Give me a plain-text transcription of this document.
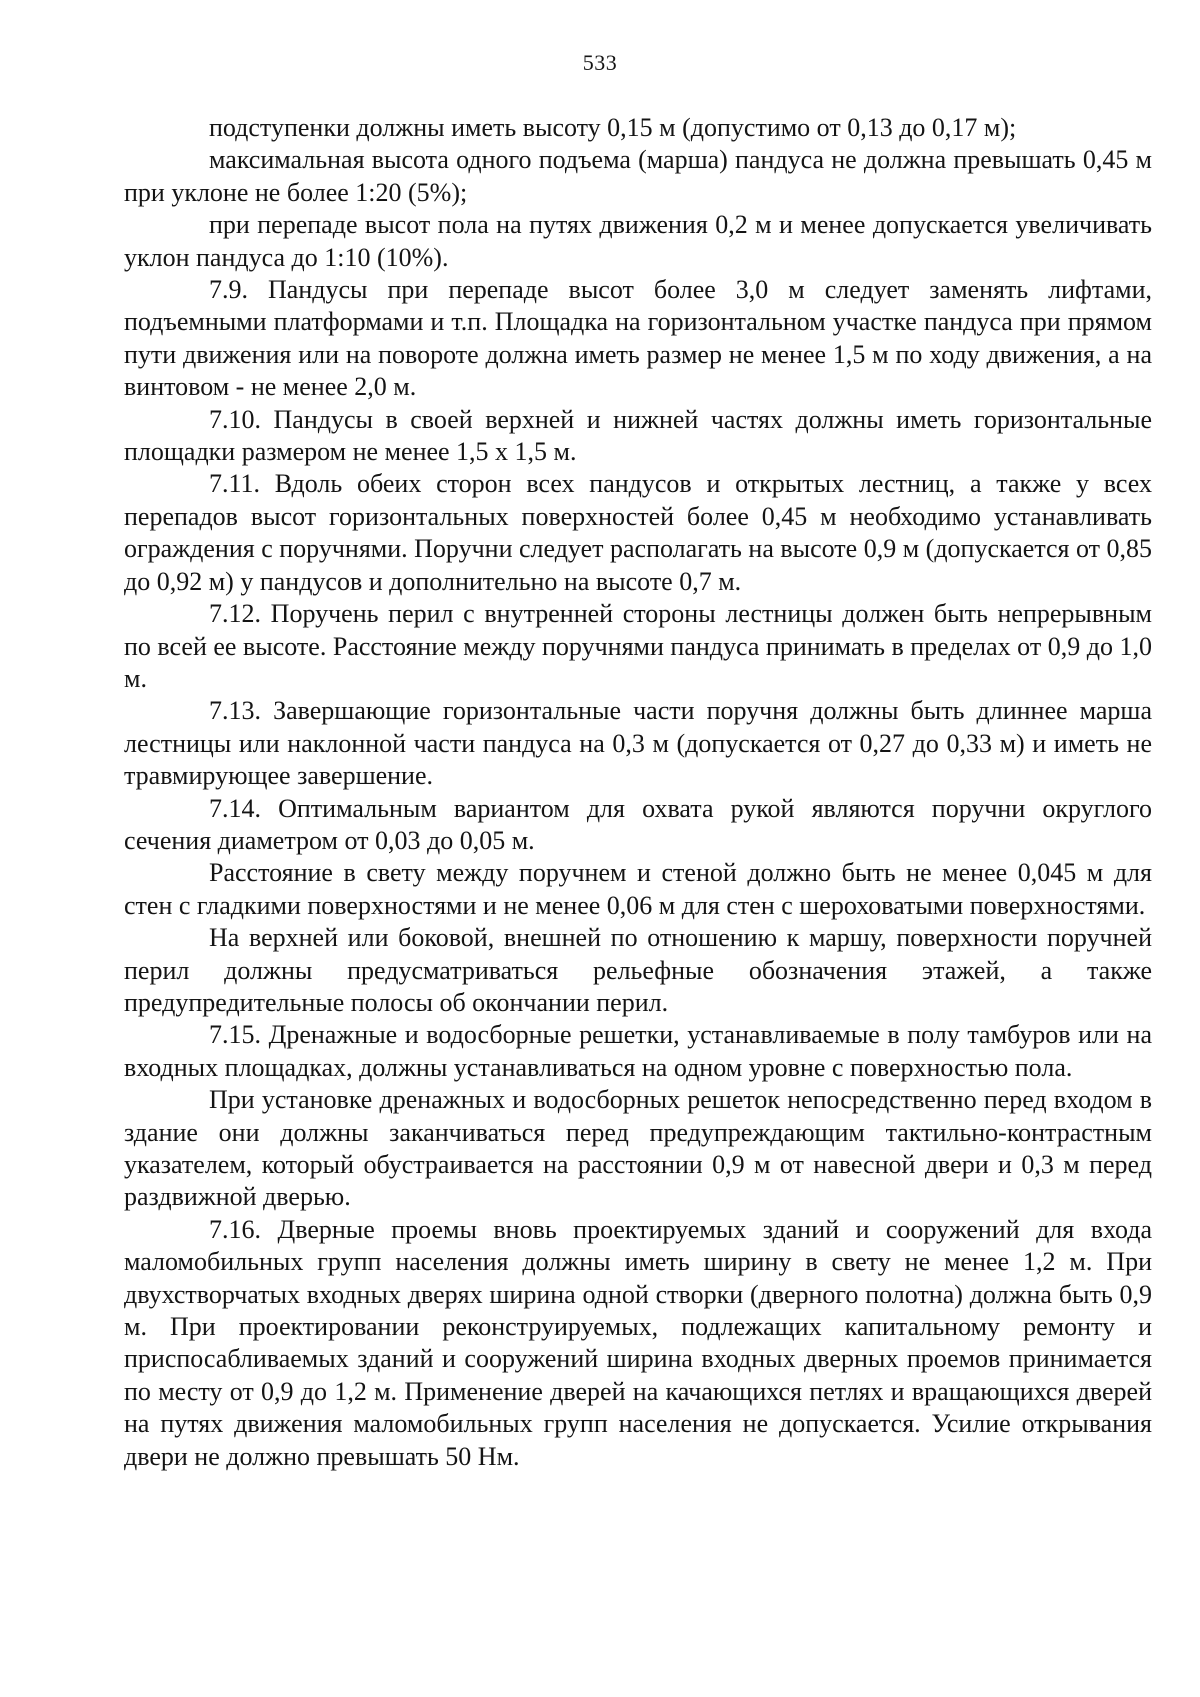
533

подступенки должны иметь высоту 0,15 м (допустимо от 0,13 до 0,17 м);

максимальная высота одного подъема (марша) пандуса не должна превышать 0,45 м при уклоне не более 1:20 (5%);

при перепаде высот пола на путях движения 0,2 м и менее допускается увеличивать уклон пандуса до 1:10 (10%).

7.9. Пандусы при перепаде высот более 3,0 м следует заменять лифтами, подъемными платформами и т.п. Площадка на горизонтальном участке пандуса при прямом пути движения или на повороте должна иметь размер не менее 1,5 м по ходу движения, а на винтовом - не менее 2,0 м.

7.10. Пандусы в своей верхней и нижней частях должны иметь горизонтальные площадки размером не менее 1,5 х 1,5 м.

7.11. Вдоль обеих сторон всех пандусов и открытых лестниц, а также у всех перепадов высот горизонтальных поверхностей более 0,45 м необходимо устанавливать ограждения с поручнями. Поручни следует располагать на высоте 0,9 м (допускается от 0,85 до 0,92 м) у пандусов и дополнительно на высоте 0,7 м.

7.12. Поручень перил с внутренней стороны лестницы должен быть непрерывным по всей ее высоте. Расстояние между поручнями пандуса принимать в пределах от 0,9 до 1,0 м.

7.13. Завершающие горизонтальные части поручня должны быть длиннее марша лестницы или наклонной части пандуса на 0,3 м (допускается от 0,27 до 0,33 м) и иметь не травмирующее завершение.

7.14. Оптимальным вариантом для охвата рукой являются поручни округлого сечения диаметром от 0,03 до 0,05 м.

Расстояние в свету между поручнем и стеной должно быть не менее 0,045 м для стен с гладкими поверхностями и не менее 0,06 м для стен с шероховатыми поверхностями.

На верхней или боковой, внешней по отношению к маршу, поверхности поручней перил должны предусматриваться рельефные обозначения этажей, а также предупредительные полосы об окончании перил.

7.15. Дренажные и водосборные решетки, устанавливаемые в полу тамбуров или на входных площадках, должны устанавливаться на одном уровне с поверхностью пола.

При установке дренажных и водосборных решеток непосредственно перед входом в здание они должны заканчиваться перед предупреждающим тактильно-контрастным указателем, который обустраивается на расстоянии 0,9 м от навесной двери и 0,3 м перед раздвижной дверью.

7.16. Дверные проемы вновь проектируемых зданий и сооружений для входа маломобильных групп населения должны иметь ширину в свету не менее 1,2 м. При двухстворчатых входных дверях ширина одной створки (дверного полотна) должна быть 0,9 м. При проектировании реконструируемых, подлежащих капитальному ремонту и приспосабливаемых зданий и сооружений ширина входных дверных проемов принимается по месту от 0,9 до 1,2 м. Применение дверей на качающихся петлях и вращающихся дверей на путях движения маломобильных групп населения не допускается. Усилие открывания двери не должно превышать 50 Нм.
